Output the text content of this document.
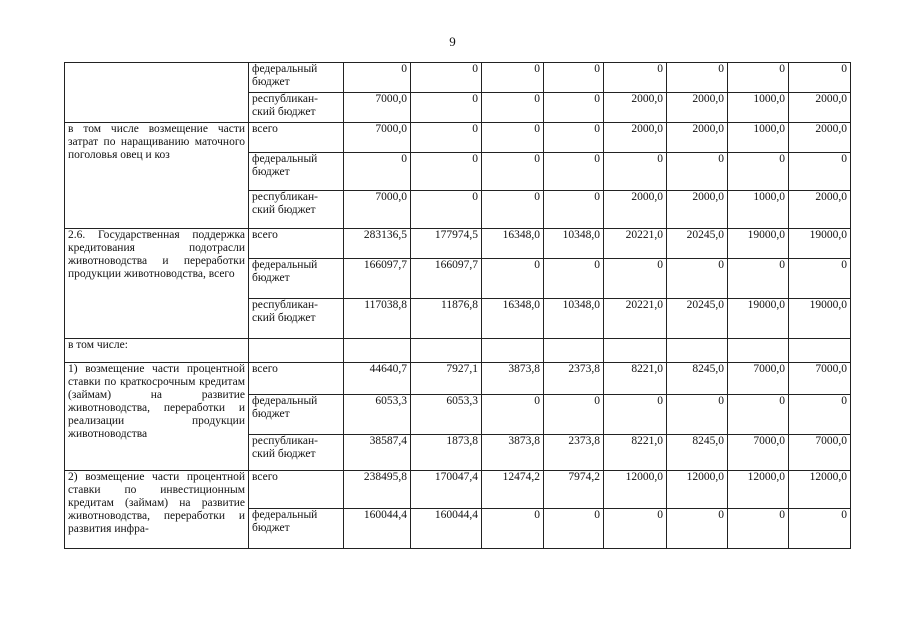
9
	федеральный бюджет	0	0	0	0	0	0	0	0
	республикан-ский бюджет	7000,0	0	0	0	2000,0	2000,0	1000,0	2000,0
в том числе возмещение части затрат по наращиванию маточного поголовья овец и коз	всего	7000,0	0	0	0	2000,0	2000,0	1000,0	2000,0
	федеральный бюджет	0	0	0	0	0	0	0	0
	республикан-ский бюджет	7000,0	0	0	0	2000,0	2000,0	1000,0	2000,0
2.6. Государственная поддержка кредитования подотрасли животноводства и переработки продукции животноводства, всего	всего	283136,5	177974,5	16348,0	10348,0	20221,0	20245,0	19000,0	19000,0
	федеральный бюджет	166097,7	166097,7	0	0	0	0	0	0
	республикан-ский бюджет	117038,8	11876,8	16348,0	10348,0	20221,0	20245,0	19000,0	19000,0
в том числе:									
1) возмещение части процентной ставки по краткосрочным кредитам (займам) на развитие животноводства, переработки и реализации продукции животноводства	всего	44640,7	7927,1	3873,8	2373,8	8221,0	8245,0	7000,0	7000,0
	федеральный бюджет	6053,3	6053,3	0	0	0	0	0	0
	республикан-ский бюджет	38587,4	1873,8	3873,8	2373,8	8221,0	8245,0	7000,0	7000,0
2) возмещение части процентной ставки по инвестиционным кредитам (займам) на развитие животноводства, переработки и развития инфра-	всего	238495,8	170047,4	12474,2	7974,2	12000,0	12000,0	12000,0	12000,0
	федеральный бюджет	160044,4	160044,4	0	0	0	0	0	0
